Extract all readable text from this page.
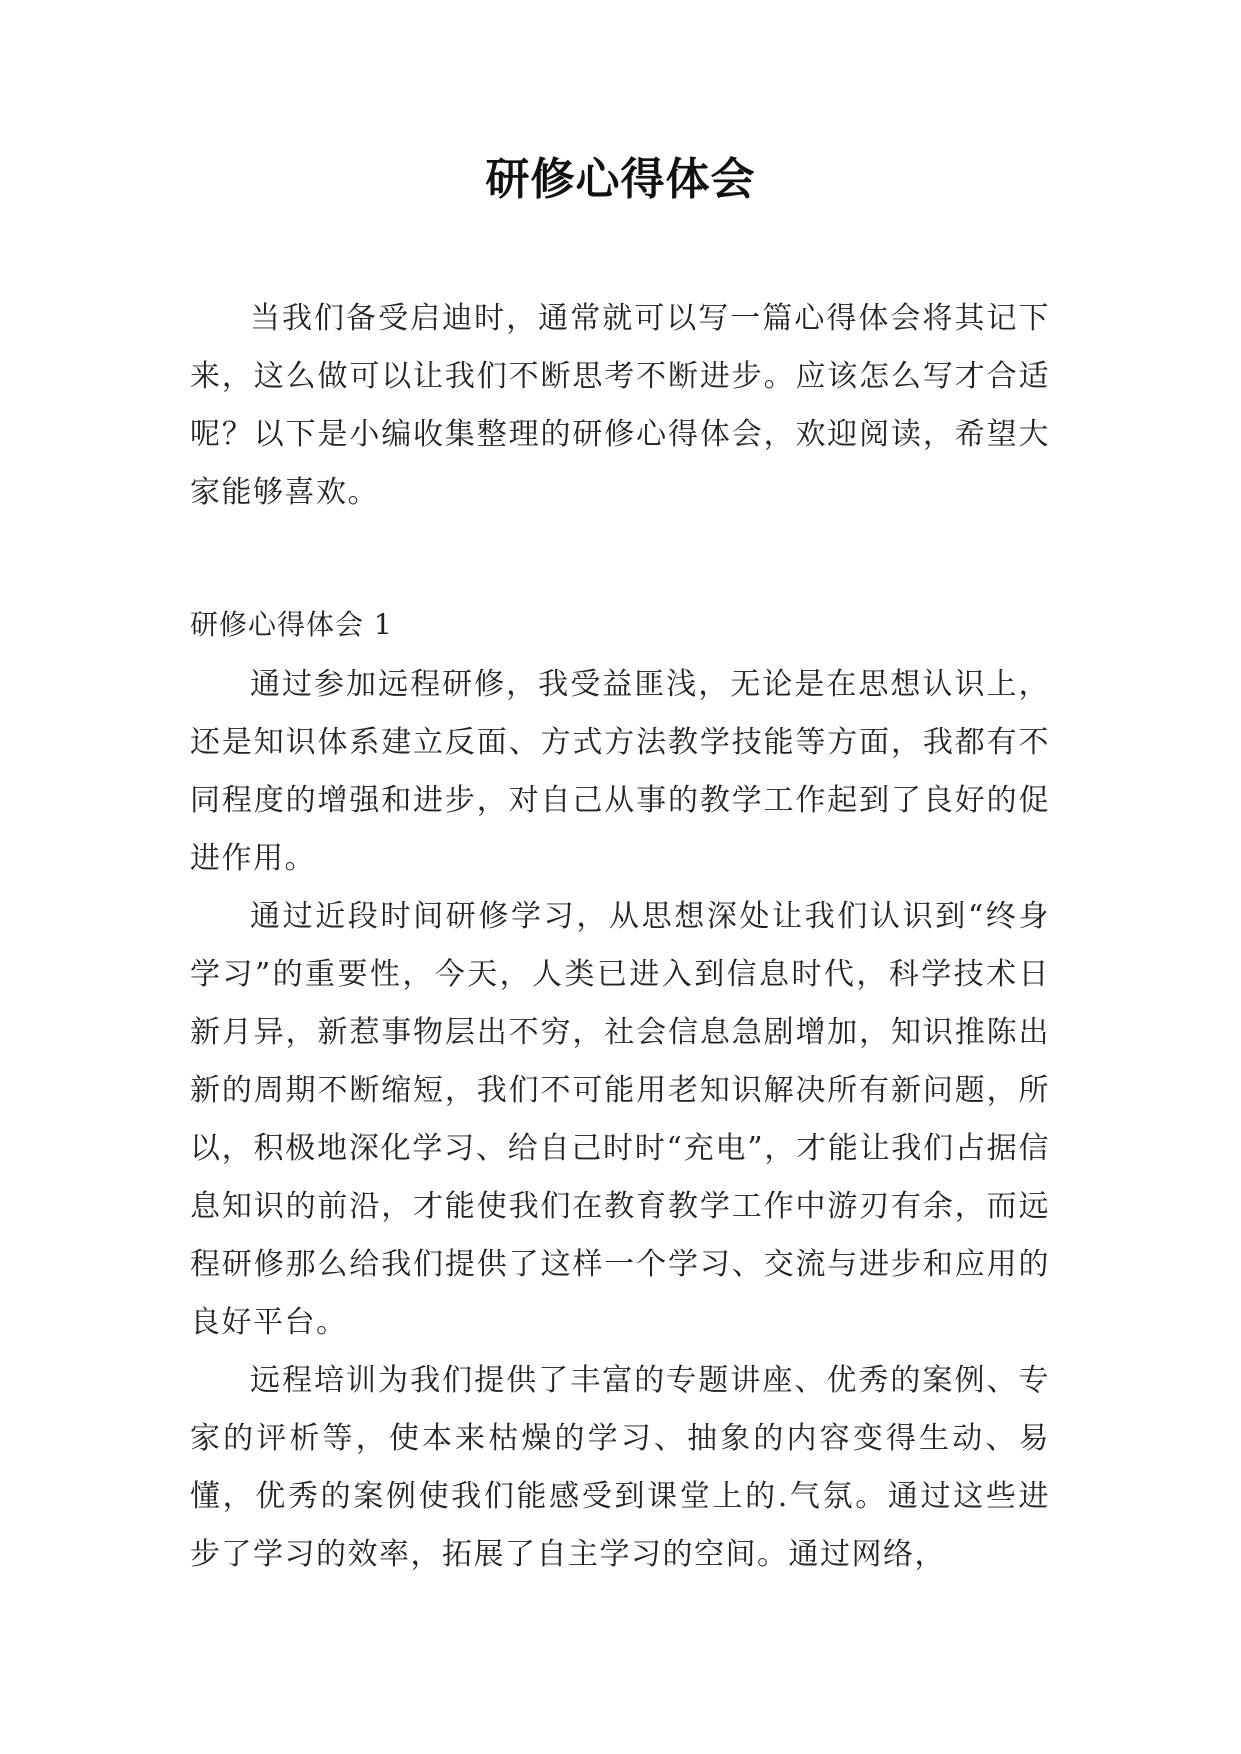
研修心得体会

当我们备受启迪时，通常就可以写一篇心得体会将其记下来，这么做可以让我们不断思考不断进步。应该怎么写才合适呢？以下是小编收集整理的研修心得体会，欢迎阅读，希望大家能够喜欢。

研修心得体会 1

通过参加远程研修，我受益匪浅，无论是在思想认识上，还是知识体系建立反面、方式方法教学技能等方面，我都有不同程度的增强和进步，对自己从事的教学工作起到了良好的促进作用。

通过近段时间研修学习，从思想深处让我们认识到“终身学习”的重要性，今天，人类已进入到信息时代，科学技术日新月异，新惹事物层出不穷，社会信息急剧增加，知识推陈出新的周期不断缩短，我们不可能用老知识解决所有新问题，所以，积极地深化学习、给自己时时“充电”，才能让我们占据信息知识的前沿，才能使我们在教育教学工作中游刃有余，而远程研修那么给我们提供了这样一个学习、交流与进步和应用的良好平台。

远程培训为我们提供了丰富的专题讲座、优秀的案例、专家的评析等，使本来枯燥的学习、抽象的内容变得生动、易懂，优秀的案例使我们能感受到课堂上的.气氛。通过这些进步了学习的效率，拓展了自主学习的空间。通过网络，
